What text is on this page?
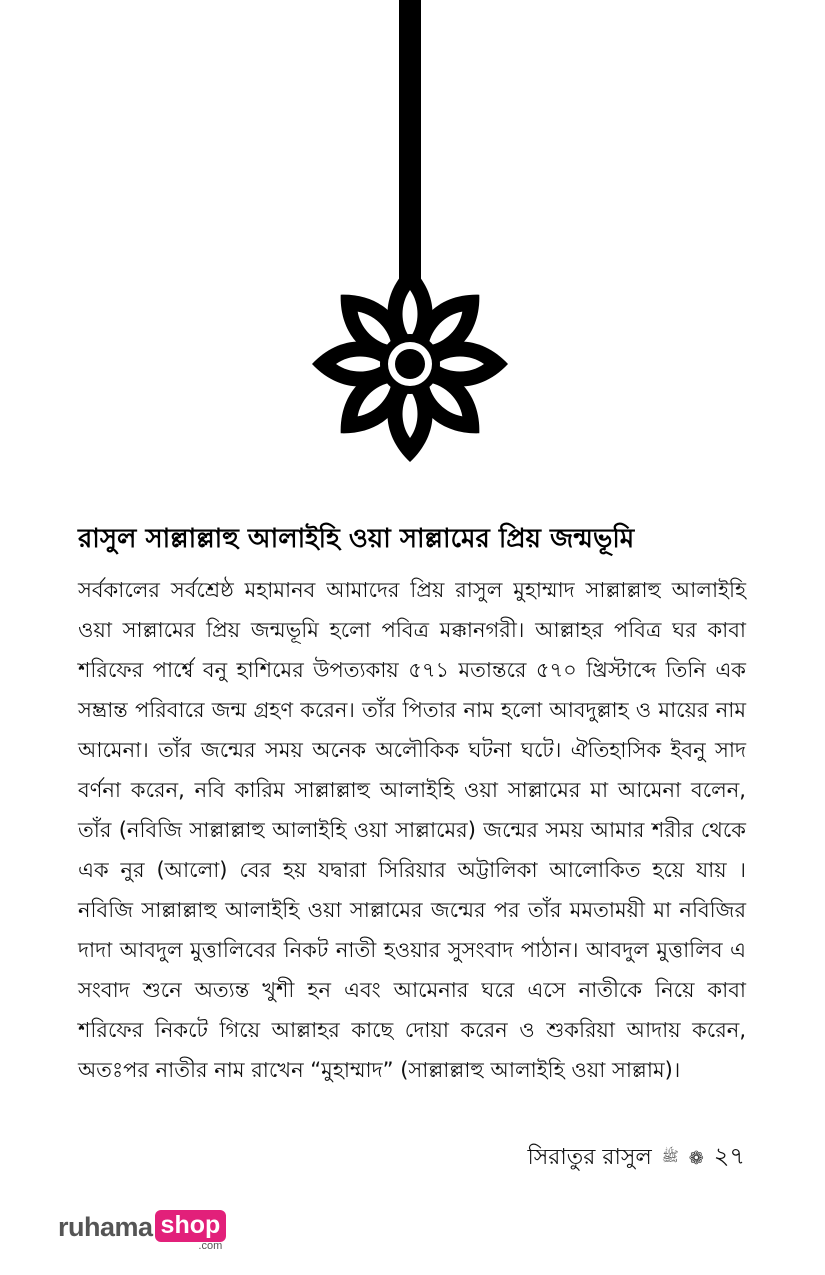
রাসুল সাল্লাল্লাহু আলাইহি ওয়া সাল্লামের প্রিয় জন্মভূমি

সর্বকালের সর্বশ্রেষ্ঠ মহামানব আমাদের প্রিয় রাসুল মুহাম্মাদ সাল্লাল্লাহু আলাইহি ওয়া সাল্লামের প্রিয় জন্মভূমি হলো পবিত্র মক্কানগরী। আল্লাহর পবিত্র ঘর কাবা শরিফের পার্শ্বে বনু হাশিমের উপত্যকায় ৫৭১ মতান্তরে ৫৭০ খ্রিস্টাব্দে তিনি এক সম্ভ্রান্ত পরিবারে জন্ম গ্রহণ করেন। তাঁর পিতার নাম হলো আবদুল্লাহ ও মায়ের নাম আমেনা। তাঁর জন্মের সময় অনেক অলৌকিক ঘটনা ঘটে। ঐতিহাসিক ইবনু সাদ বর্ণনা করেন, নবি কারিম সাল্লাল্লাহু আলাইহি ওয়া সাল্লামের মা আমেনা বলেন, তাঁর (নবিজি সাল্লাল্লাহু আলাইহি ওয়া সাল্লামের) জন্মের সময় আমার শরীর থেকে এক নুর (আলো) বের হয় যদ্বারা সিরিয়ার অট্টালিকা আলোকিত হয়ে যায় । নবিজি সাল্লাল্লাহু আলাইহি ওয়া সাল্লামের জন্মের পর তাঁর মমতাময়ী মা নবিজির দাদা আবদুল মুত্তালিবের নিকট নাতী হওয়ার সুসংবাদ পাঠান। আবদুল মুত্তালিব এ সংবাদ শুনে অত্যন্ত খুশী হন এবং আমেনার ঘরে এসে নাতীকে নিয়ে কাবা শরিফের নিকটে গিয়ে আল্লাহর কাছে দোয়া করেন ও শুকরিয়া আদায় করেন, অতঃপর নাতীর নাম রাখেন “মুহাম্মাদ” (সাল্লাল্লাহু আলাইহি ওয়া সাল্লাম)।

সিরাতুর রাসুল ﷺ ❁ ২৭
ruhama shop
.com
